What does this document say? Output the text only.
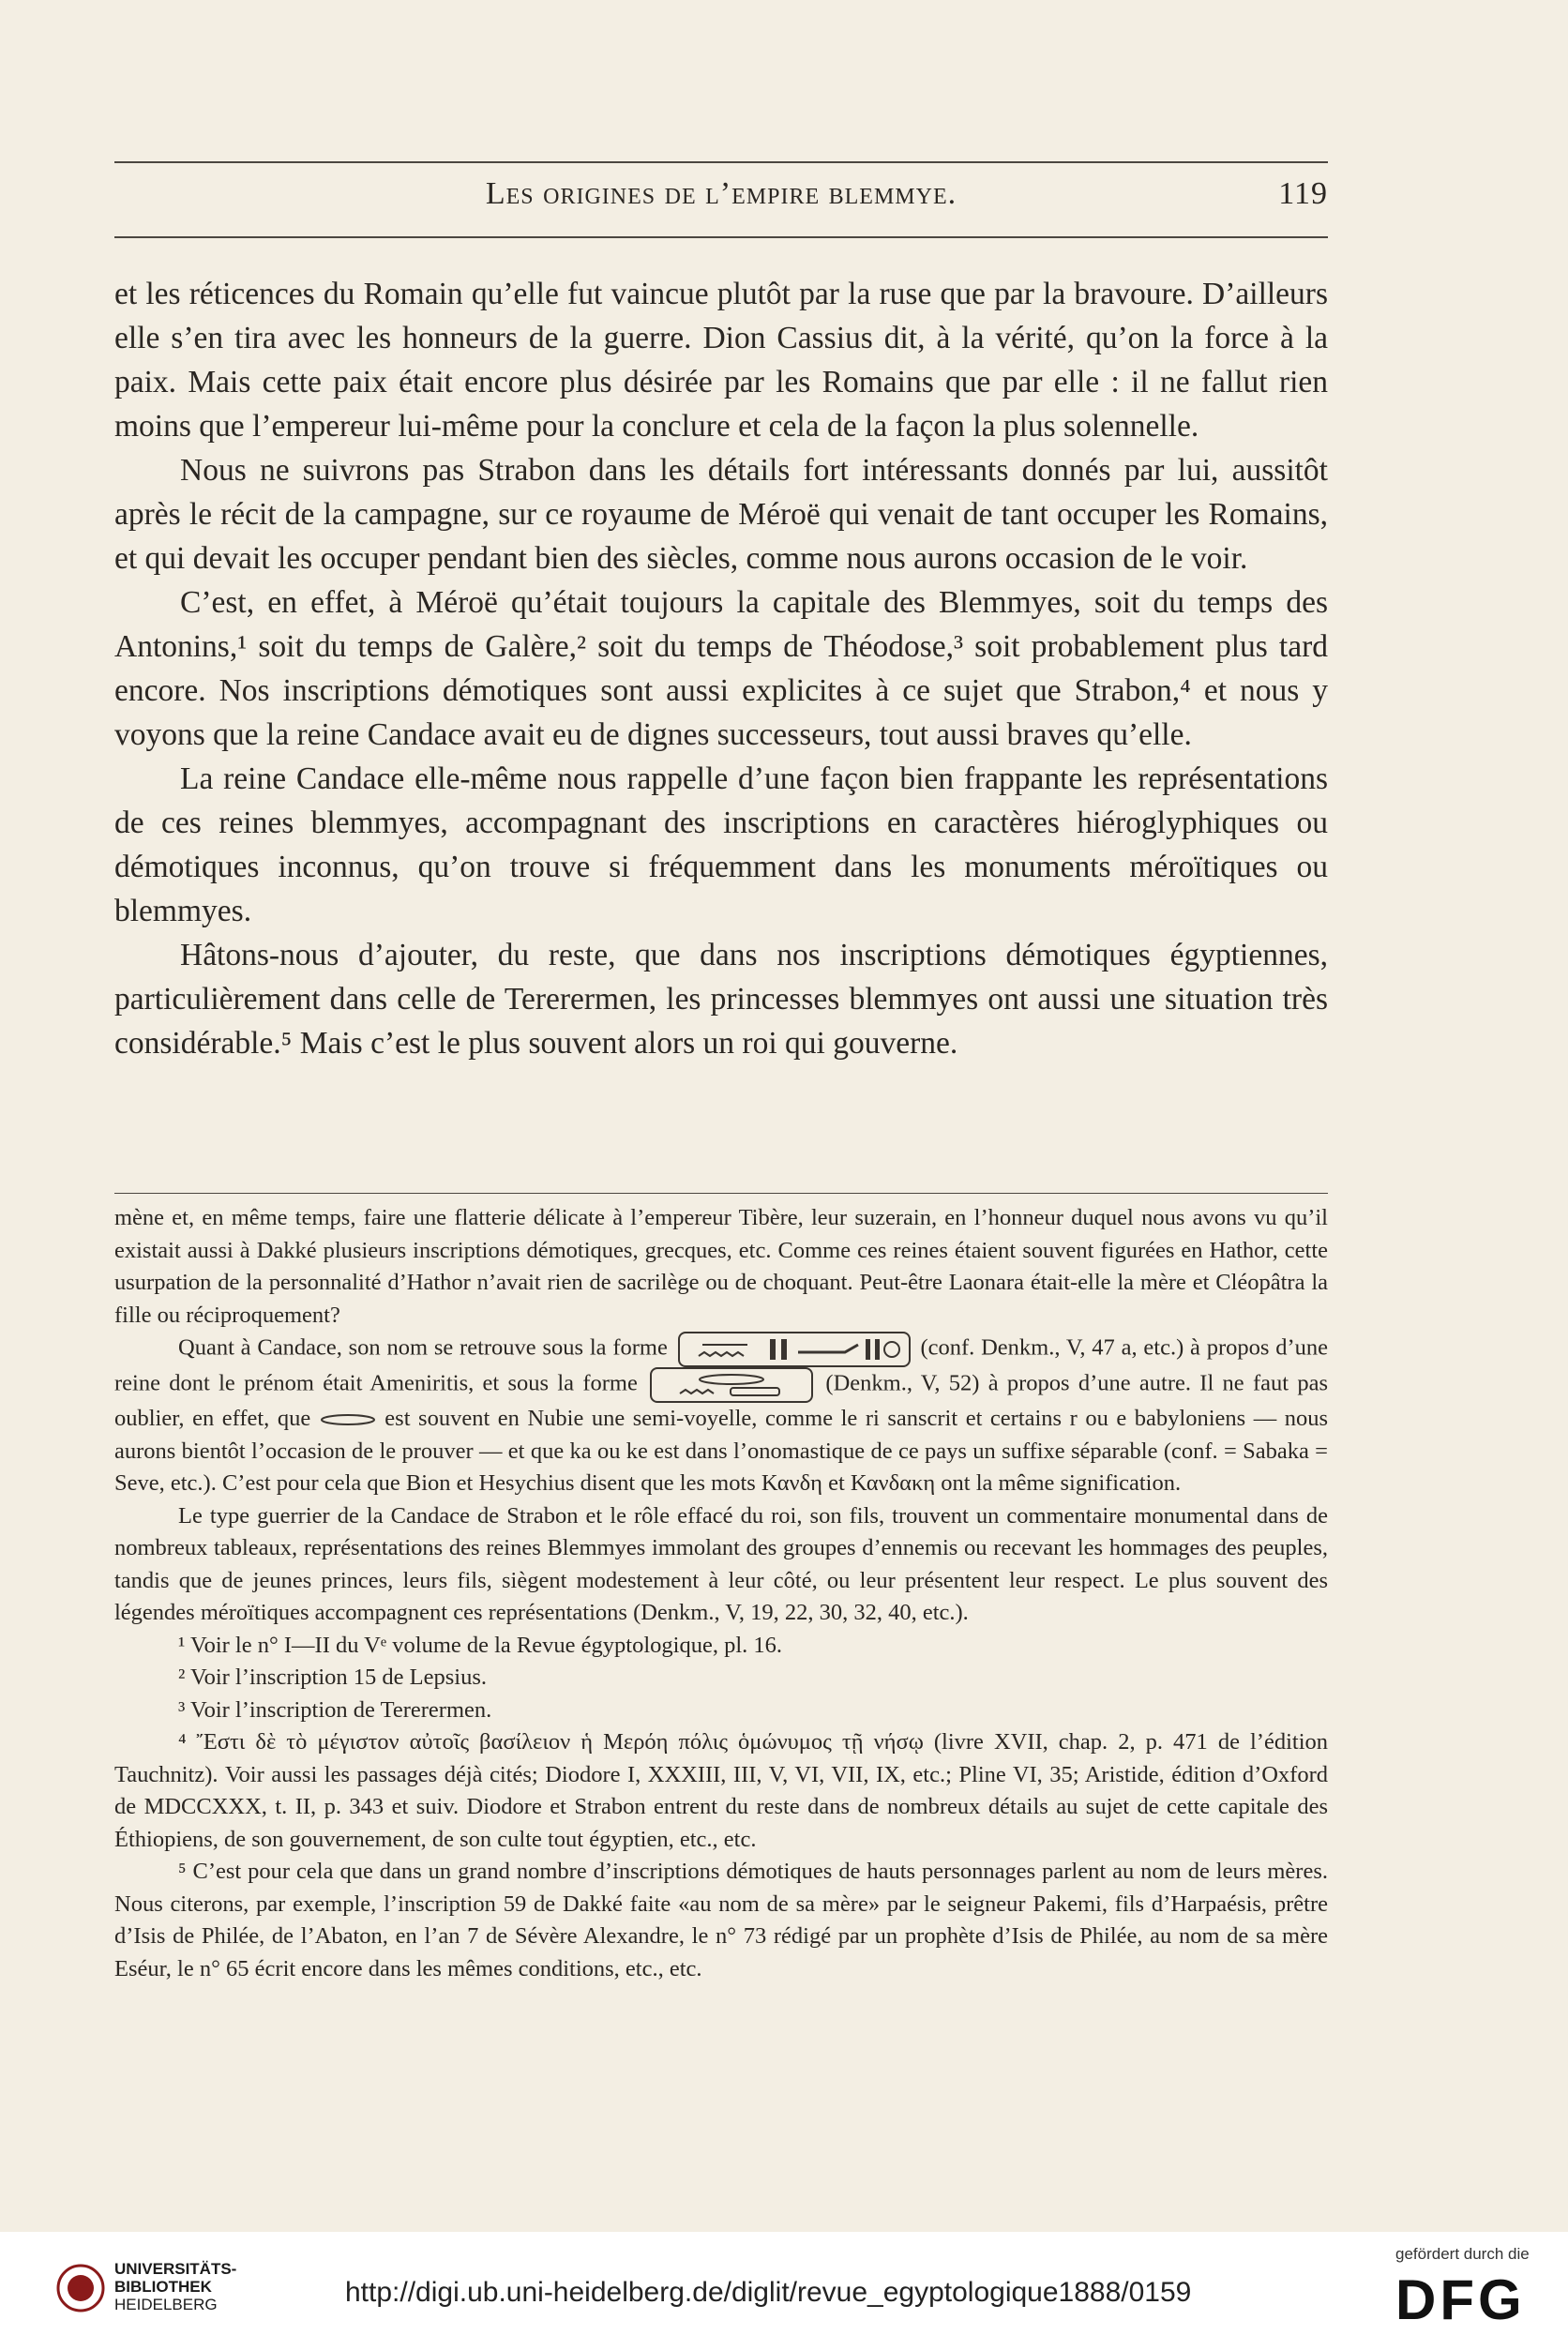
Les origines de l’empire blemmye.	119

et les réticences du Romain qu’elle fut vaincue plutôt par la ruse que par la bravoure. D’ailleurs elle s’en tira avec les honneurs de la guerre. Dion Cassius dit, à la vérité, qu’on la force à la paix. Mais cette paix était encore plus désirée par les Romains que par elle : il ne fallut rien moins que l’empereur lui-même pour la conclure et cela de la façon la plus solennelle.

Nous ne suivrons pas Strabon dans les détails fort intéressants donnés par lui, aussitôt après le récit de la campagne, sur ce royaume de Méroë qui venait de tant occuper les Romains, et qui devait les occuper pendant bien des siècles, comme nous aurons occasion de le voir.

C’est, en effet, à Méroë qu’était toujours la capitale des Blemmyes, soit du temps des Antonins,¹ soit du temps de Galère,² soit du temps de Théodose,³ soit probablement plus tard encore. Nos inscriptions démotiques sont aussi explicites à ce sujet que Strabon,⁴ et nous y voyons que la reine Candace avait eu de dignes successeurs, tout aussi braves qu’elle.

La reine Candace elle-même nous rappelle d’une façon bien frappante les représentations de ces reines blemmyes, accompagnant des inscriptions en caractères hiéroglyphiques ou démotiques inconnus, qu’on trouve si fréquemment dans les monuments méroïtiques ou blemmyes.

Hâtons-nous d’ajouter, du reste, que dans nos inscriptions démotiques égyptiennes, particulièrement dans celle de Tererermen, les princesses blemmyes ont aussi une situation très considérable.⁵ Mais c’est le plus souvent alors un roi qui gouverne.

mène et, en même temps, faire une flatterie délicate à l’empereur Tibère, leur suzerain, en l’honneur duquel nous avons vu qu’il existait aussi à Dakké plusieurs inscriptions démotiques, grecques, etc. Comme ces reines étaient souvent figurées en Hathor, cette usurpation de la personnalité d’Hathor n’avait rien de sacrilège ou de choquant. Peut-être Laonara était-elle la mère et Cléopâtra la fille ou réciproquement?

Quant à Candace, son nom se retrouve sous la forme	(conf. Denkm., V, 47 a, etc.) à propos d’une reine dont le prénom était Ameniritis, et sous la forme	(Denkm., V, 52) à propos d’une autre. Il ne faut pas oublier, en effet, que	est souvent en Nubie une semi-voyelle, comme le ri sanscrit et certains r ou e babyloniens — nous aurons bientôt l’occasion de le prouver — et que ka ou ke est dans l’onomastique de ce pays un suffixe séparable (conf. = Sabaka = Seve, etc.). C’est pour cela que Bion et Hesychius disent que les mots Κανδη et Κανδακη ont la même signification.

Le type guerrier de la Candace de Strabon et le rôle effacé du roi, son fils, trouvent un commentaire monumental dans de nombreux tableaux, représentations des reines Blemmyes immolant des groupes d’ennemis ou recevant les hommages des peuples, tandis que de jeunes princes, leurs fils, siègent modestement à leur côté, ou leur présentent leur respect. Le plus souvent des légendes méroïtiques accompagnent ces représentations (Denkm., V, 19, 22, 30, 32, 40, etc.).

¹ Voir le n° I—II du Vᵉ volume de la Revue égyptologique, pl. 16.

² Voir l’inscription 15 de Lepsius.

³ Voir l’inscription de Tererermen.

⁴ Ἔστι δὲ τὸ μέγιστον αὐτοῖς βασίλειον ἡ Μερόη πόλις ὁμώνυμος τῇ νήσῳ (livre XVII, chap. 2, p. 471 de l’édition Tauchnitz). Voir aussi les passages déjà cités; Diodore I, XXXIII, III, V, VI, VII, IX, etc.; Pline VI, 35; Aristide, édition d’Oxford de MDCCXXX, t. II, p. 343 et suiv. Diodore et Strabon entrent du reste dans de nombreux détails au sujet de cette capitale des Éthiopiens, de son gouvernement, de son culte tout égyptien, etc., etc.

⁵ C’est pour cela que dans un grand nombre d’inscriptions démotiques de hauts personnages parlent au nom de leurs mères. Nous citerons, par exemple, l’inscription 59 de Dakké faite «au nom de sa mère» par le seigneur Pakemi, fils d’Harpaésis, prêtre d’Isis de Philée, de l’Abaton, en l’an 7 de Sévère Alexandre, le n° 73 rédigé par un prophète d’Isis de Philée, au nom de sa mère Eséur, le n° 65 écrit encore dans les mêmes conditions, etc., etc.

UNIVERSITÄTS-
BIBLIOTHEK
HEIDELBERG	http://digi.ub.uni-heidelberg.de/diglit/revue_egyptologique1888/0159
gefördert durch die
DFG
